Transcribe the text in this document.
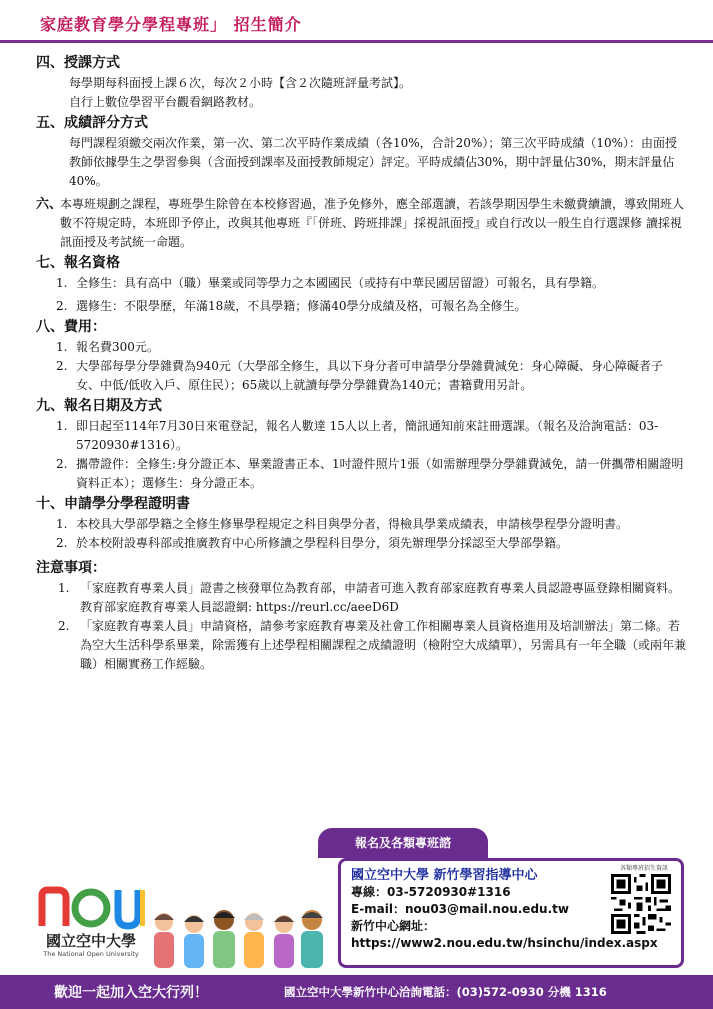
家庭教育學分學程專班」 招生簡介
四、授課方式
每學期每科面授上課６次，每次２小時【含２次隨班評量考試】。
自行上數位學習平台觀看網路教材。
五、成績評分方式
每門課程須繳交兩次作業，第一次、第二次平時作業成績（各10%，合計20%）；第三次平時成績（10%）：由面授教師依據學生之學習參與（含面授到課率及面授教師規定）評定。平時成績佔30%，期中評量佔30%，期末評量佔40%。
六、
本專班規劃之課程，專班學生除曾在本校修習過，准予免修外，應全部選讀，若該學期因學生未繳費續讀，導致開班人數不符規定時，本班即予停止，改與其他專班『「併班、跨班排課」採視訊面授』或自行改以一般生自行選課修 讀採視訊面授及考試統一命題。
七、報名資格
1. 全修生：具有高中（職）畢業或同等學力之本國國民（或持有中華民國居留證）可報名，具有學籍。
2. 選修生：不限學歷，年滿18歲，不具學籍；修滿40學分成績及格，可報名為全修生。
八、費用：
1. 報名費300元。
2. 大學部每學分學雜費為940元（大學部全修生，具以下身分者可申請學分學雜費減免：身心障礙、身心障礙者子女、中低/低收入戶、原住民）；65歲以上就讀每學分學雜費為140元；書籍費用另計。
九、報名日期及方式
1. 即日起至114年7月30日來電登記，報名人數達 15人以上者，簡訊通知前來註冊選課。（報名及洽詢電話：03-5720930#1316）。
2. 攜帶證件：全修生:身分證正本、畢業證書正本、1吋證件照片1張（如需辦理學分學雜費減免，請一併攜帶相關證明資料正本）；選修生：身分證正本。
十、申請學分學程證明書
1. 本校具大學部學籍之全修生修畢學程規定之科目與學分者，得檢具學業成績表，申請核學程學分證明書。
2. 於本校附設專科部或推廣教育中心所修讀之學程科目學分，須先辦理學分採認至大學部學籍。
注意事項：
1. 「家庭教育專業人員」證書之核發單位為教育部，申請者可進入教育部家庭教育專業人員認證專區登錄相關資料。教育部家庭教育專業人員認證網: https://reurl.cc/aeeD6D
2. 「家庭教育專業人員」申請資格，請參考家庭教育專業及社會工作相關專業人員資格進用及培訓辦法」第二條。若為空大生活科學系畢業，除需獲有上述學程相關課程之成績證明（檢附空大成績單），另需具有一年全職（或兩年兼職）相關實務工作經驗。
國立空中大學
The National Open University
報名及各類專班諮
國立空中大學 新竹學習指導中心
專線：03-5720930#1316
E-mail：nou03@mail.nou.edu.tw
新竹中心網址：
https://www2.nou.edu.tw/hsinchu/index.aspx
各類專班招生資訊
歡迎一起加入空大行列！	國立空中大學新竹中心洽詢電話：(03)572-0930 分機 1316
